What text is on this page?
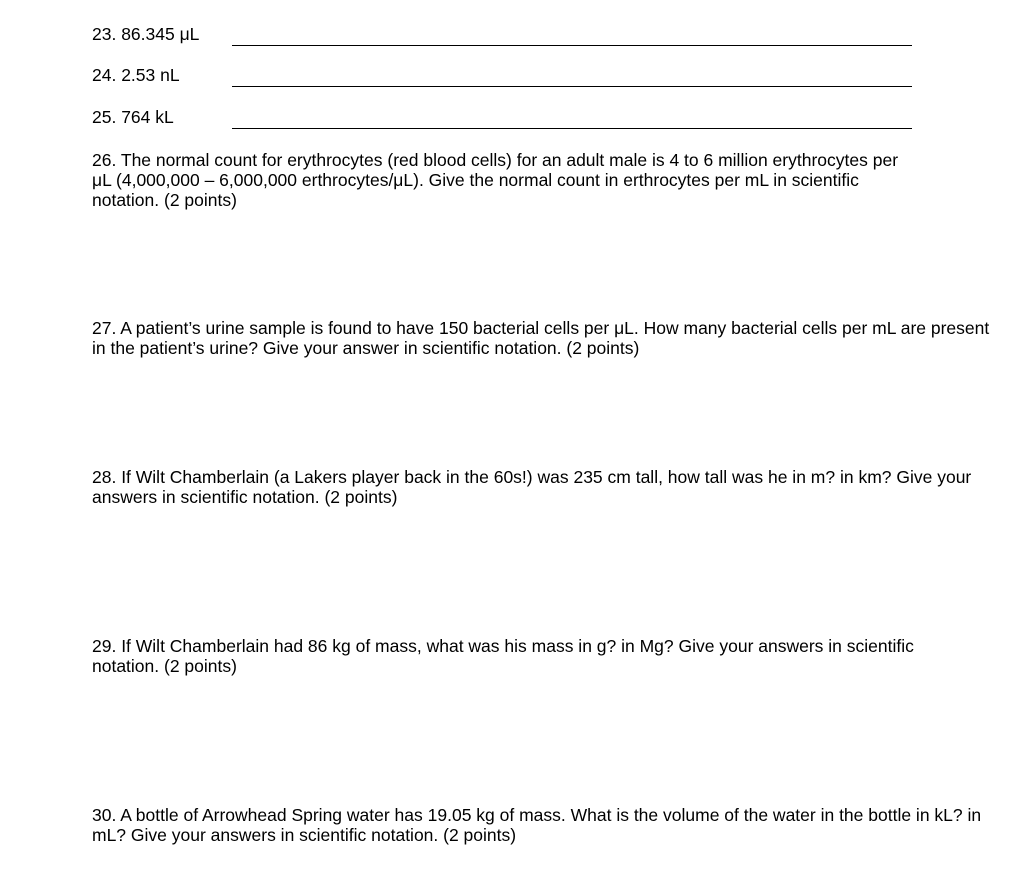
23. 86.345 μL
24. 2.53 nL
25. 764 kL

26. The normal count for erythrocytes (red blood cells) for an adult male is 4 to 6 million erythrocytes per μL (4,000,000 – 6,000,000 erthrocytes/μL). Give the normal count in erthrocytes per mL in scientific notation. (2 points)

27. A patient’s urine sample is found to have 150 bacterial cells per μL. How many bacterial cells per mL are present in the patient’s urine? Give your answer in scientific notation. (2 points)

28. If Wilt Chamberlain (a Lakers player back in the 60s!) was 235 cm tall, how tall was he in m? in km? Give your answers in scientific notation. (2 points)

29. If Wilt Chamberlain had 86 kg of mass, what was his mass in g? in Mg? Give your answers in scientific notation. (2 points)

30. A bottle of Arrowhead Spring water has 19.05 kg of mass. What is the volume of the water in the bottle in kL? in mL? Give your answers in scientific notation. (2 points)
